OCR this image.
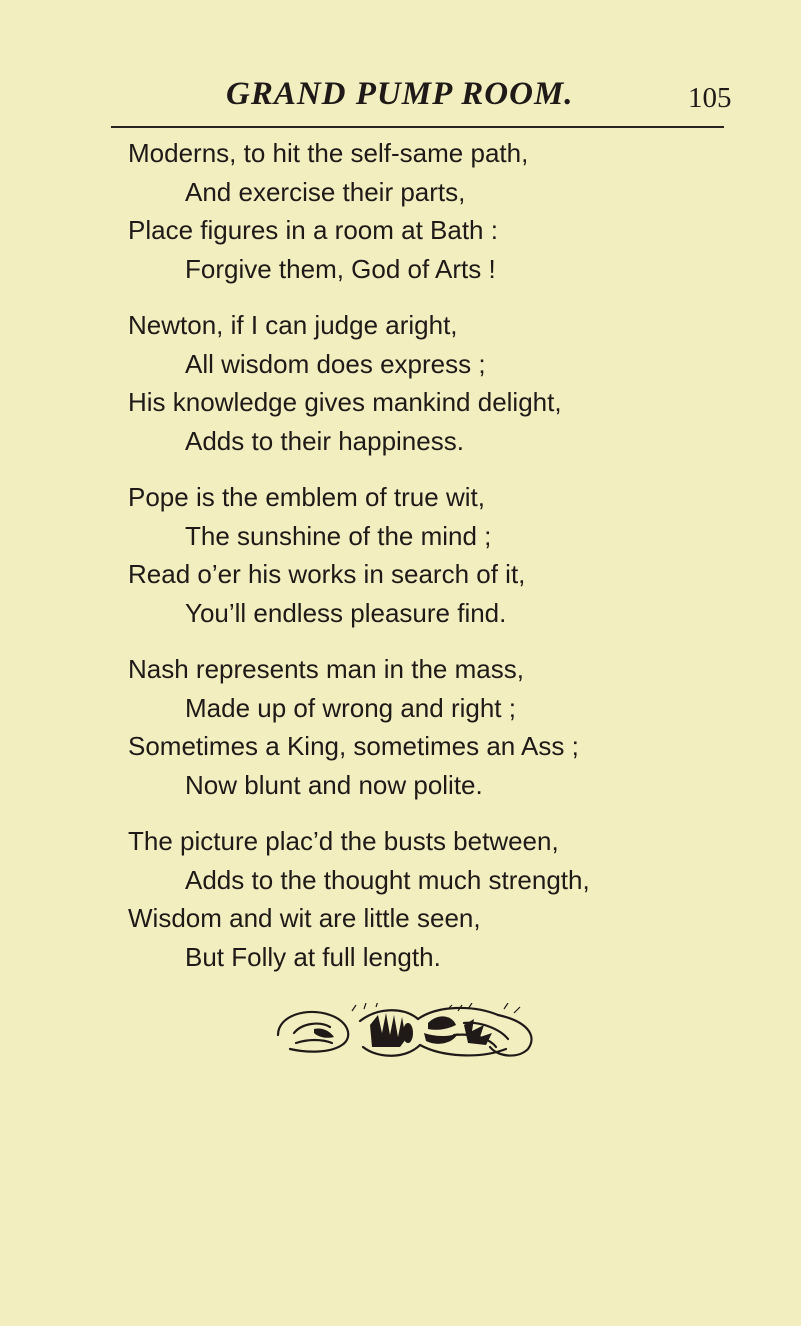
GRAND PUMP ROOM.	105
Moderns, to hit the self-same path,
And exercise their parts,
Place figures in a room at Bath :
Forgive them, God of Arts !
Newton, if I can judge aright,
All wisdom does express ;
His knowledge gives mankind delight,
Adds to their happiness.
Pope is the emblem of true wit,
The sunshine of the mind ;
Read o’er his works in search of it,
You’ll endless pleasure find.
Nash represents man in the mass,
Made up of wrong and right ;
Sometimes a King, sometimes an Ass ;
Now blunt and now polite.
The picture plac’d the busts between,
Adds to the thought much strength,
Wisdom and wit are little seen,
But Folly at full length.
